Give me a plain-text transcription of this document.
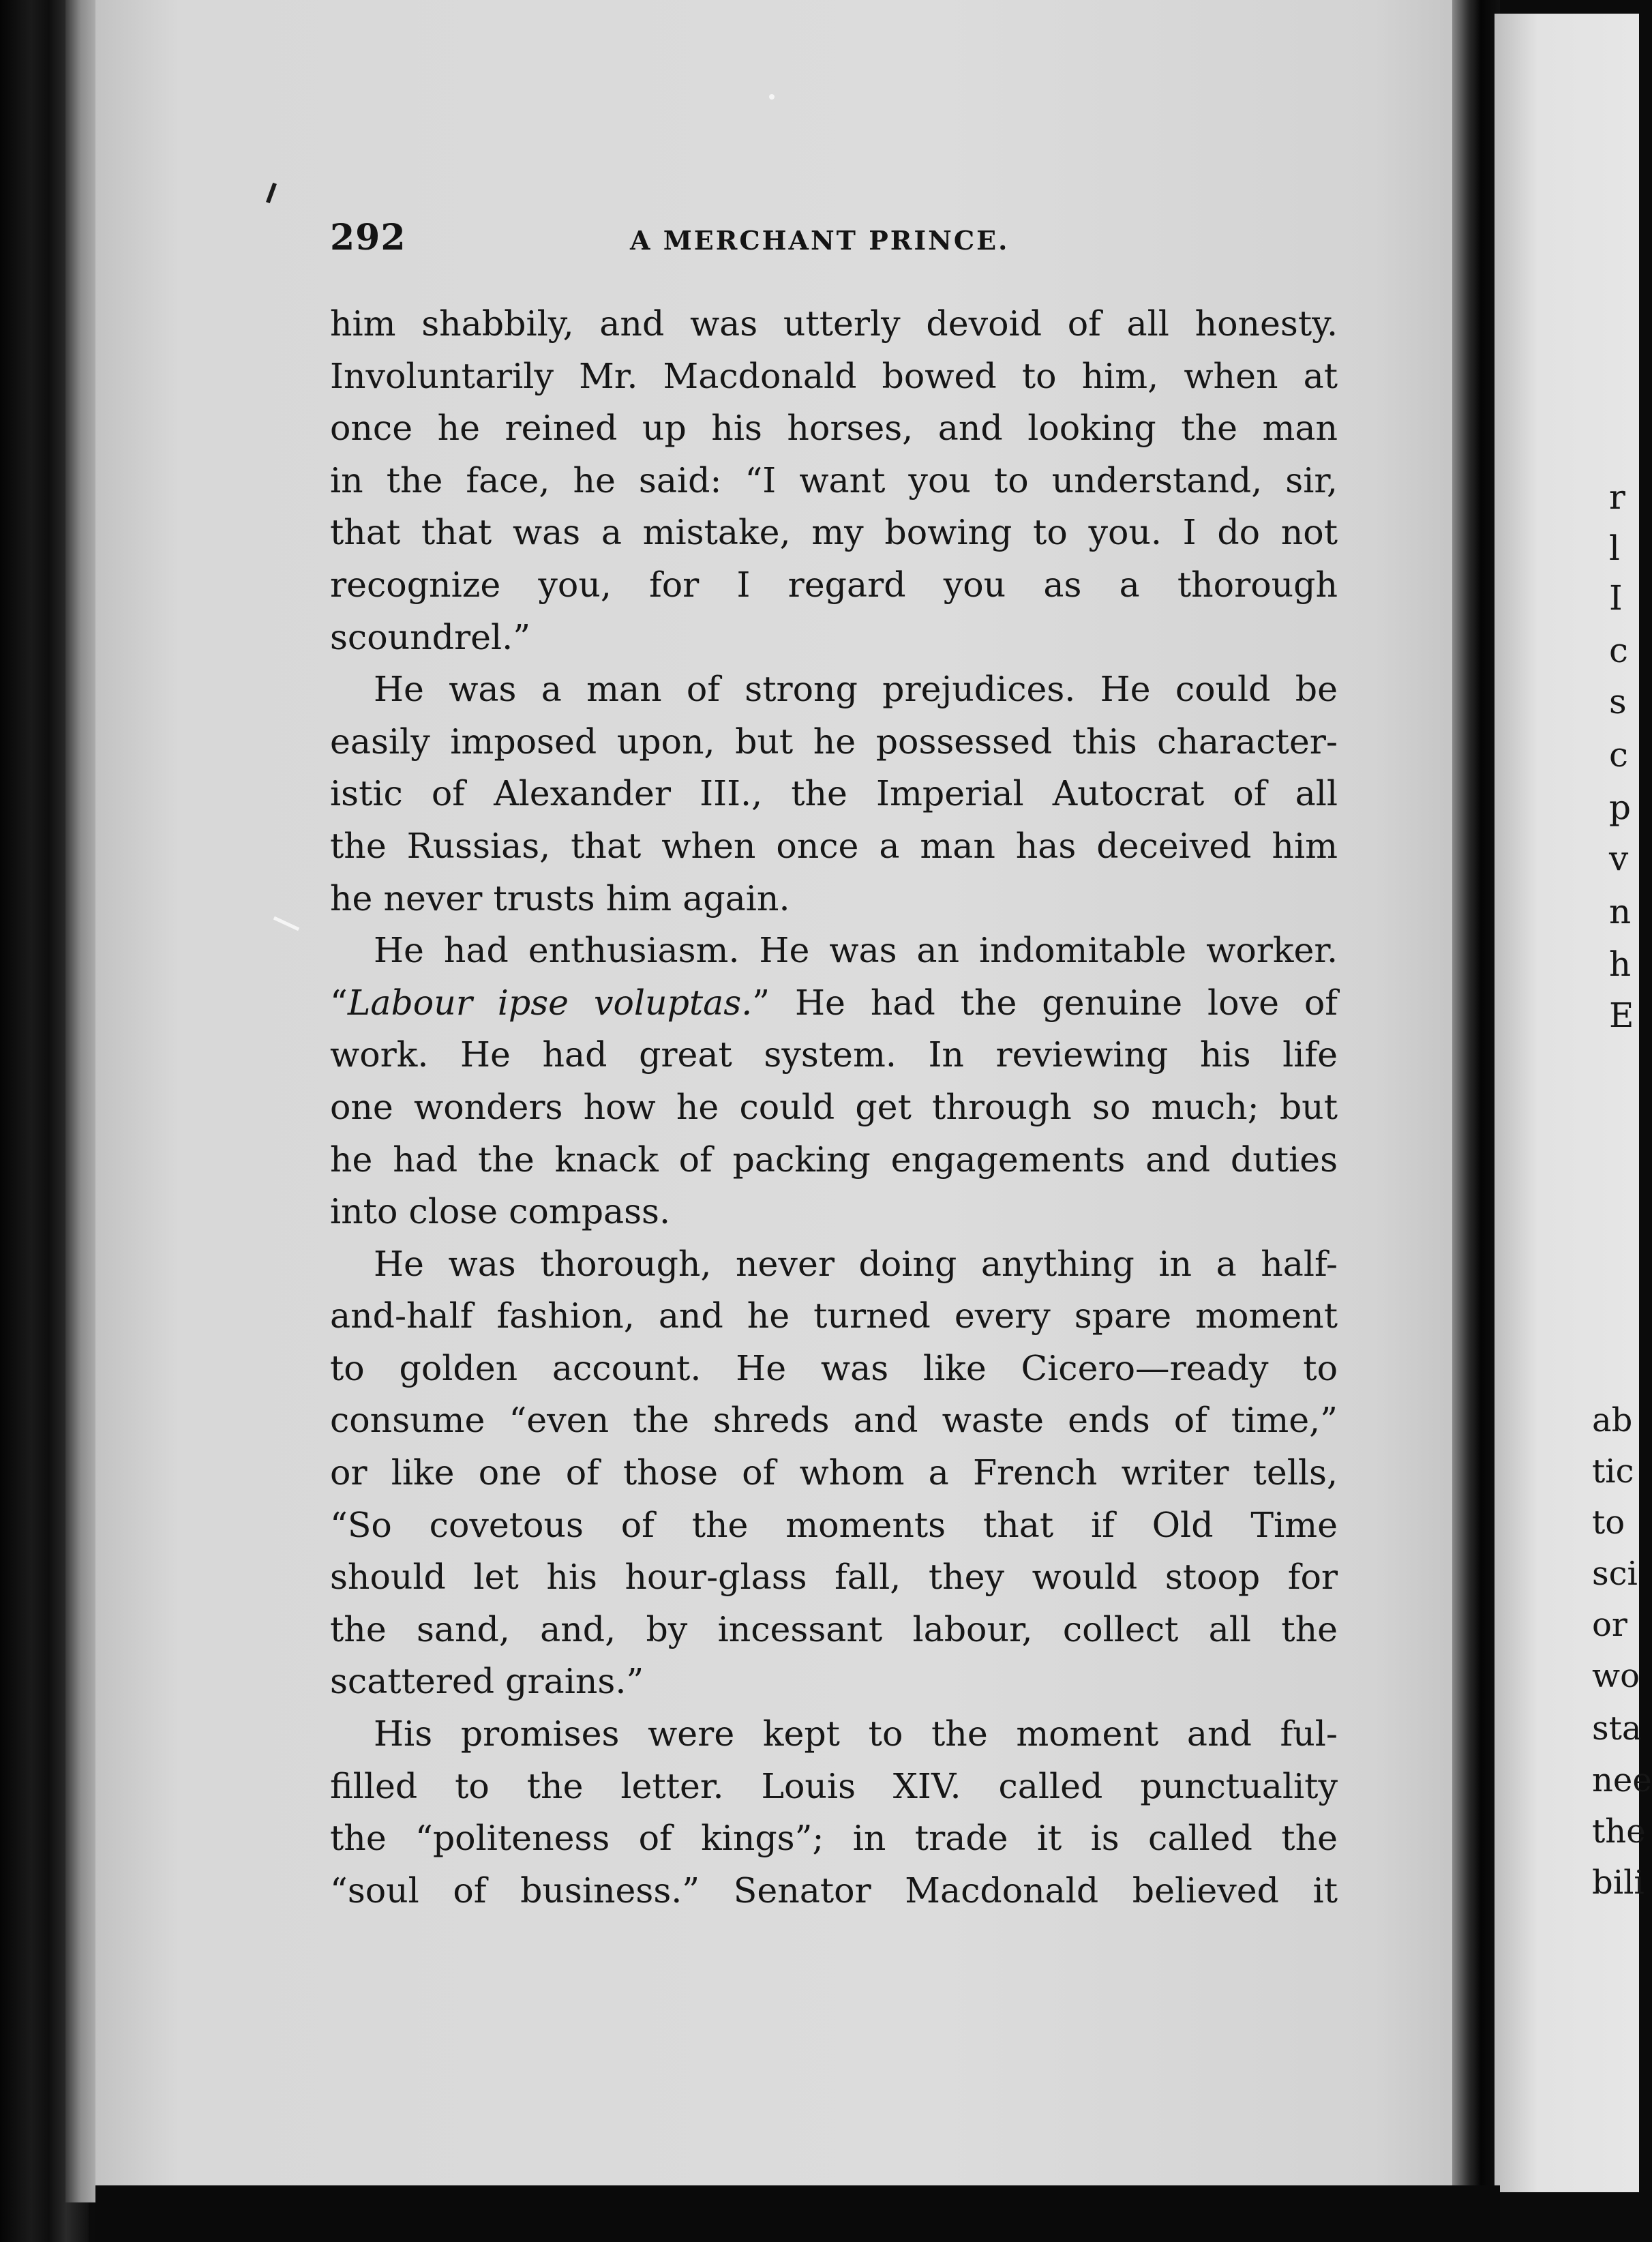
292	A MERCHANT PRINCE.
him shabbily, and was utterly devoid of all honesty.
Involuntarily Mr. Macdonald bowed to him, when at
once he reined up his horses, and looking the man
in the face, he said: “I want you to understand, sir,
that that was a mistake, my bowing to you. I do not
recognize you, for I regard you as a thorough
scoundrel.”
He was a man of strong prejudices. He could be
easily imposed upon, but he possessed this character-
istic of Alexander III., the Imperial Autocrat of all
the Russias, that when once a man has deceived him
he never trusts him again.
He had enthusiasm. He was an indomitable worker.
“Labour ipse voluptas.” He had the genuine love of
work. He had great system. In reviewing his life
one wonders how he could get through so much; but
he had the knack of packing engagements and duties
into close compass.
He was thorough, never doing anything in a half-
and-half fashion, and he turned every spare moment
to golden account. He was like Cicero—ready to
consume “even the shreds and waste ends of time,”
or like one of those of whom a French writer tells,
“So covetous of the moments that if Old Time
should let his hour-glass fall, they would stoop for
the sand, and, by incessant labour, collect all the
scattered grains.”
His promises were kept to the moment and ful-
filled to the letter. Louis XIV. called punctuality
the “politeness of kings”; in trade it is called the
“soul of business.” Senator Macdonald believed it
r
l
I
c
s
c
p
v
n
h
E
ab
tic
to
sci
or
wo
sta
nee
the
bili
